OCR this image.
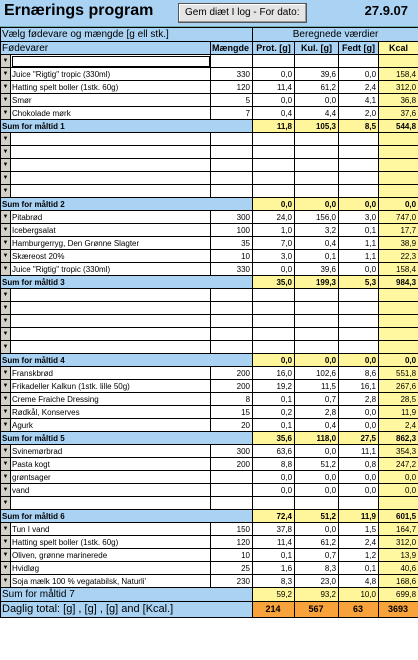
Ernærings program	Gem diæt I log - For dato:	27.9.07
Vælg fødevare og mængde [g ell stk.]			Beregnede værdier			
Fødevarer		Mængde	Prot. [g]	Kul. [g]	Fedt [g]	Kcal
▼						
▼	Juice "Rigtig" tropic (330ml)	330	0,0	39,6	0,0	158,4
▼	Hatting spelt boller (1stk. 60g)	120	11,4	61,2	2,4	312,0
▼	Smør	5	0,0	0,0	4,1	36,8
▼	Chokolade mørk	7	0,4	4,4	2,0	37,6
Sum for måltid 1			11,8	105,3	8,5	544,8
▼						
▼						
▼						
▼						
▼						
Sum for måltid 2			0,0	0,0	0,0	0,0
▼	Pitabrød	300	24,0	156,0	3,0	747,0
▼	Icebergsalat	100	1,0	3,2	0,1	17,7
▼	Hamburgerryg, Den Grønne Slagter	35	7,0	0,4	1,1	38,9
▼	Skæreost 20%	10	3,0	0,1	1,1	22,3
▼	Juice "Rigtig" tropic (330ml)	330	0,0	39,6	0,0	158,4
Sum for måltid 3			35,0	199,3	5,3	984,3
▼						
▼						
▼						
▼						
▼						
Sum for måltid 4			0,0	0,0	0,0	0,0
▼	Franskbrød	200	16,0	102,6	8,6	551,8
▼	Frikadeller Kalkun (1stk. lille 50g)	200	19,2	11,5	16,1	267,6
▼	Creme Fraiche Dressing	8	0,1	0,7	2,8	28,5
▼	Rødkål, Konserves	15	0,2	2,8	0,0	11,9
▼	Agurk	20	0,1	0,4	0,0	2,4
Sum for måltid 5			35,6	118,0	27,5	862,3
▼	Svinemørbrad	300	63,6	0,0	11,1	354,3
▼	Pasta kogt	200	8,8	51,2	0,8	247,2
▼	grøntsager		0,0	0,0	0,0	0,0
▼	vand		0,0	0,0	0,0	0,0
▼						
Sum for måltid 6			72,4	51,2	11,9	601,5
▼	Tun I vand	150	37,8	0,0	1,5	164,7
▼	Hatting spelt boller (1stk. 60g)	120	11,4	61,2	2,4	312,0
▼	Oliven, grønne marinerede	10	0,1	0,7	1,2	13,9
▼	Hvidløg	25	1,6	8,3	0,1	40,6
▼	Soja mælk 100 % vegatabilsk, Naturli'	230	8,3	23,0	4,8	168,6
Sum for måltid 7			59,2	93,2	10,0	699,8
Daglig total: [g] , [g] , [g] and [Kcal.]			214	567	63	3693
